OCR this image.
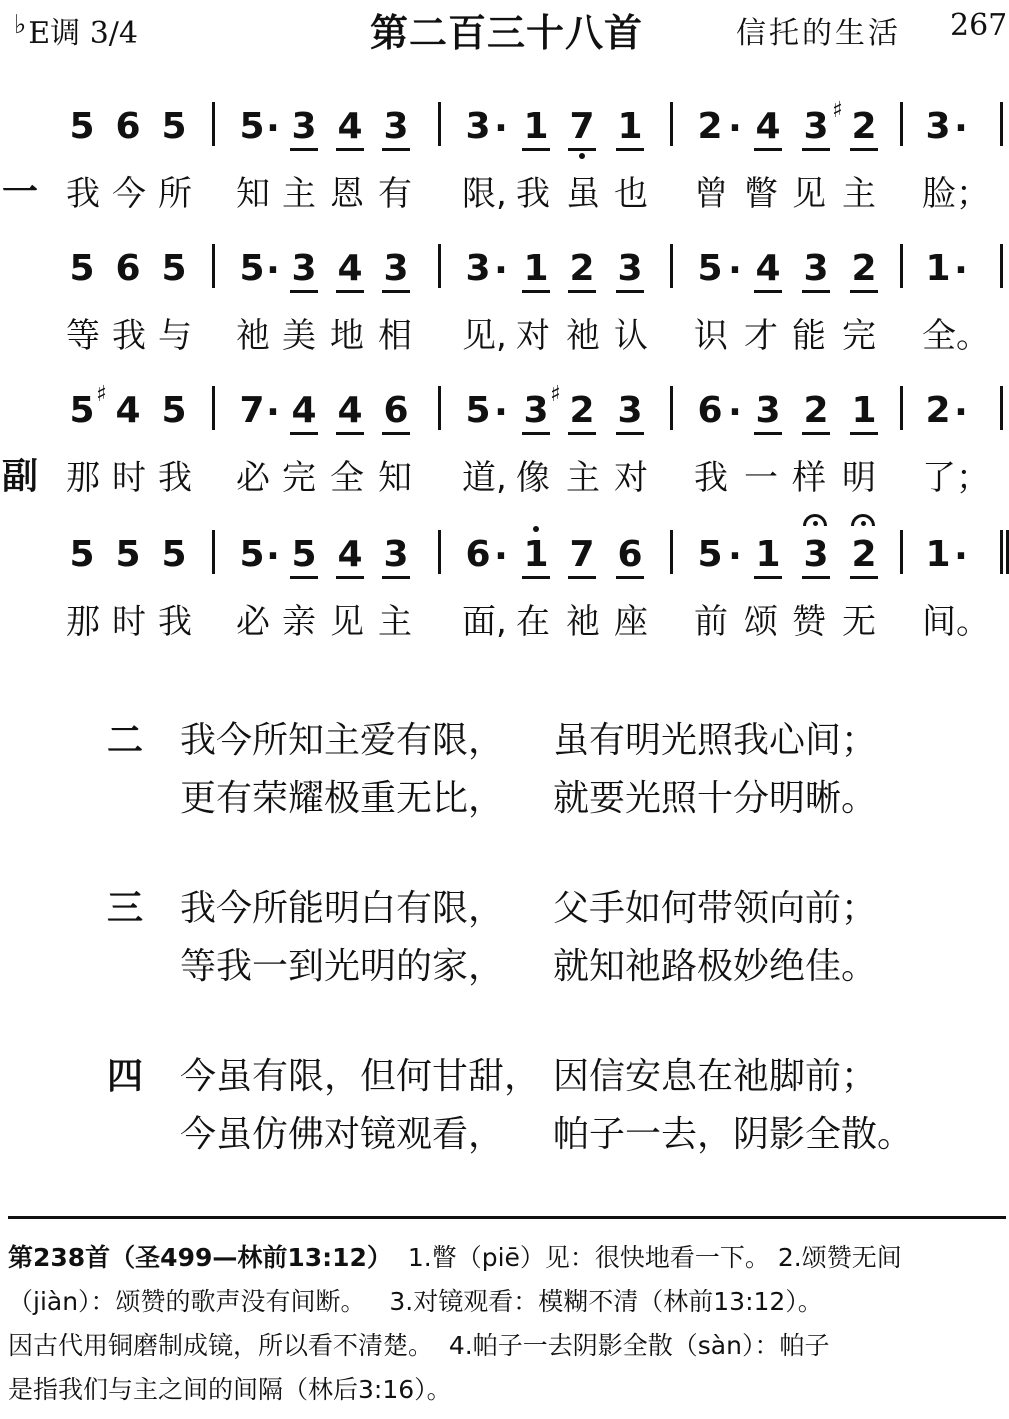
♭E调 3/4	第二百三十八首	信托的生活 267
5 6 5 5 · 3 4 3 3 · 1 7 1 2 · 4 3 2
♯ 3 ·
一 我 今 所 知 主 恩 有 限, 我 虽 也 曾 瞥 见 主 脸；
5 6 5 5 · 3 4 3 3 · 1 2 3 5 · 4 3 2 1 ·
等 我 与 祂 美 地 相 见, 对 祂 认 识 才 能 完 全。
5 4
♯ 5 7 · 4 4 6 5 · 3 2
♯ 3 6 · 3 2 1 2 ·
副 那 时 我 必 完 全 知 道, 像 主 对 我 一 样 明 了；
5 5 5 5 · 5 4 3 6 · 1 7 6 5 · 1 3 2 1 ·
那 时 我 必 亲 见 主 面, 在 祂 座 前 颂 赞 无 间。
二 我今所知主爱有限， 虽有明光照我心间；
更有荣耀极重无比， 就要光照十分明晰。
三 我今所能明白有限， 父手如何带领向前；
等我一到光明的家， 就知祂路极妙绝佳。
四 今虽有限，但何甘甜， 因信安息在祂脚前；
今虽仿佛对镜观看， 帕子一去，阴影全散。
第238首（圣499—林前13:12）  1.瞥（piē）见：很快地看一下。 2.颂赞无间
（jiàn）：颂赞的歌声没有间断。   3.对镜观看：模糊不清（林前13:12）。
因古代用铜磨制成镜，所以看不清楚。  4.帕子一去阴影全散（sàn）：帕子
是指我们与主之间的间隔（林后3:16）。
